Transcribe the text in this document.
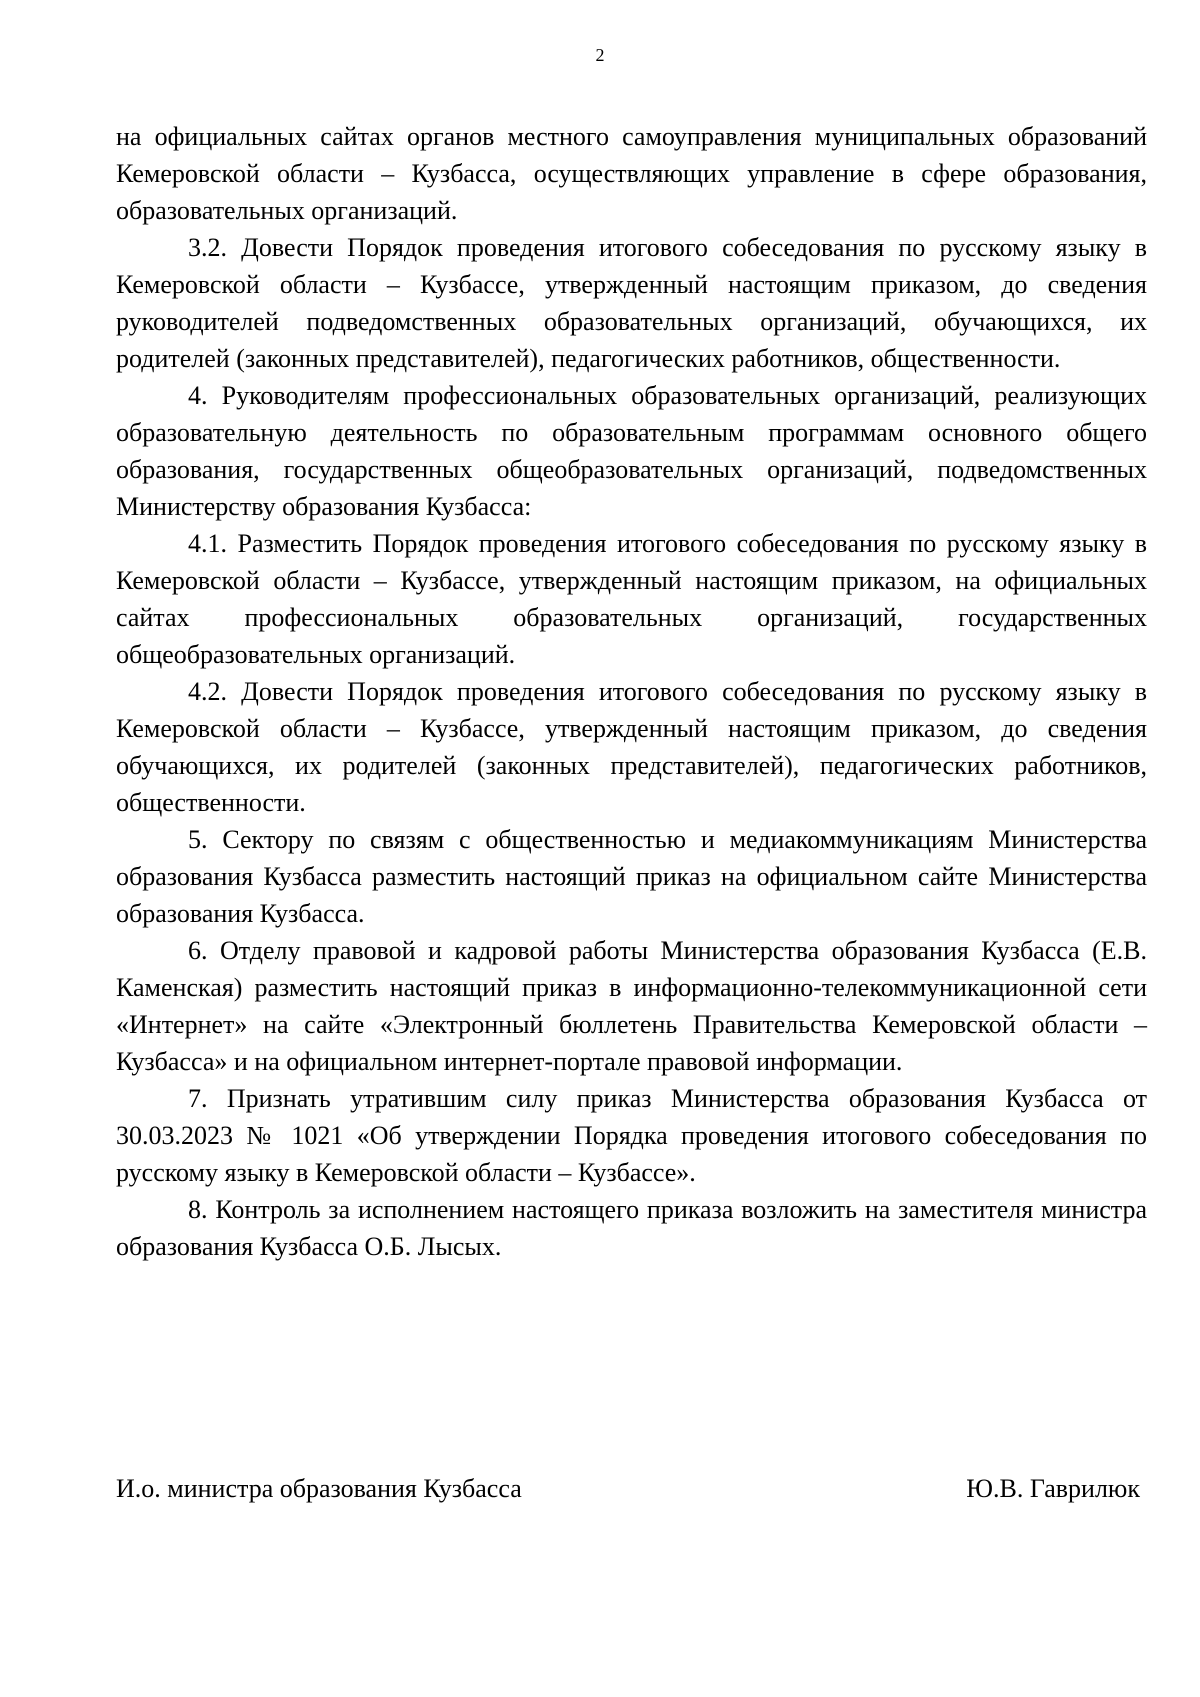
2

на официальных сайтах органов местного самоуправления муниципальных образований Кемеровской области – Кузбасса, осуществляющих управление в сфере образования, образовательных организаций.

3.2. Довести Порядок проведения итогового собеседования по русскому языку в Кемеровской области – Кузбассе, утвержденный настоящим приказом, до сведения руководителей подведомственных образовательных организаций, обучающихся, их родителей (законных представителей), педагогических работников, общественности.

4. Руководителям профессиональных образовательных организаций, реализующих образовательную деятельность по образовательным программам основного общего образования, государственных общеобразовательных организаций, подведомственных Министерству образования Кузбасса:

4.1. Разместить Порядок проведения итогового собеседования по русскому языку в Кемеровской области – Кузбассе, утвержденный настоящим приказом, на официальных сайтах профессиональных образовательных организаций, государственных общеобразовательных организаций.

4.2. Довести Порядок проведения итогового собеседования по русскому языку в Кемеровской области – Кузбассе, утвержденный настоящим приказом, до сведения обучающихся, их родителей (законных представителей), педагогических работников, общественности.

5. Сектору по связям с общественностью и медиакоммуникациям Министерства образования Кузбасса разместить настоящий приказ на официальном сайте Министерства образования Кузбасса.

6. Отделу правовой и кадровой работы Министерства образования Кузбасса (Е.В. Каменская) разместить настоящий приказ в информационно-телекоммуникационной сети «Интернет» на сайте «Электронный бюллетень Правительства Кемеровской области – Кузбасса» и на официальном интернет-портале правовой информации.

7. Признать утратившим силу приказ Министерства образования Кузбасса от 30.03.2023 № 1021 «Об утверждении Порядка проведения итогового собеседования по русскому языку в Кемеровской области – Кузбассе».

8. Контроль за исполнением настоящего приказа возложить на заместителя министра образования Кузбасса О.Б. Лысых.

И.о. министра образования Кузбасса	Ю.В. Гаврилюк
